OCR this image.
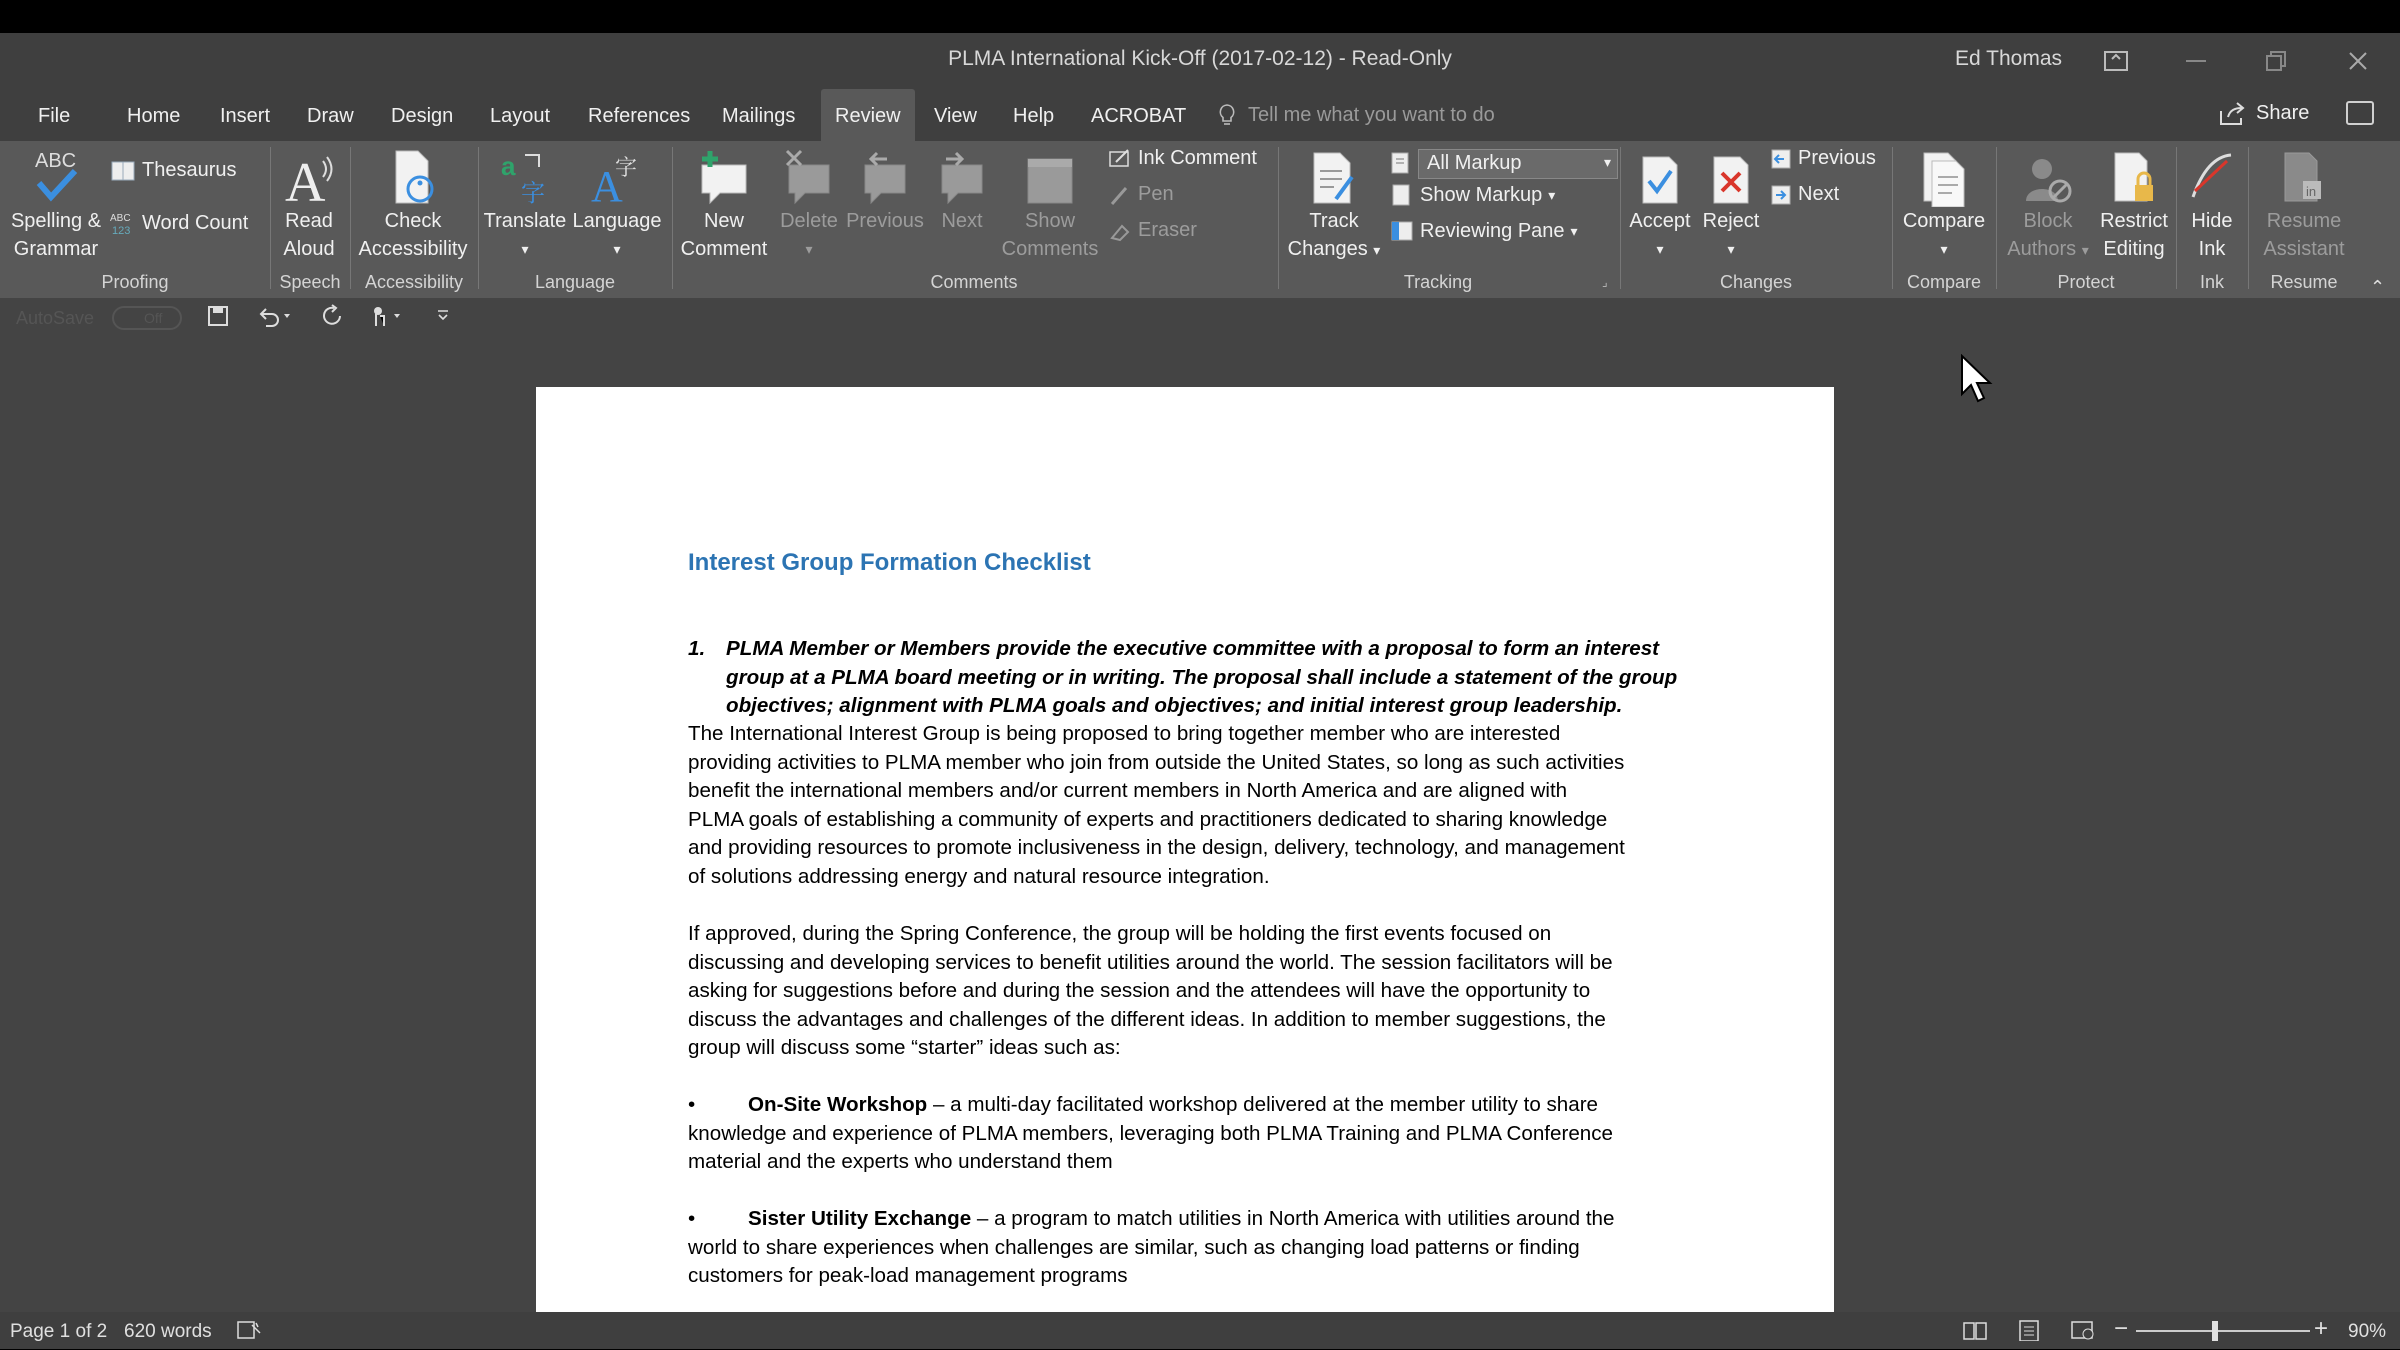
PLMA International Kick-Off (2017-02-12) - Read-Only	Ed Thomas
File	Home Insert Draw Design Layout References Mailings	Review	View Help ACROBAT	Tell me what you want to do	Share
ABC
Spelling &
Grammar
Thesaurus
ABC
123 Word Count
Proofing
A
Read
Aloud
Speech
Check
Accessibility
Accessibility
a
字
Translate
▾
A
字
Language
▾
Language
New
Comment
Delete
▾
Previous Next	Show
Comments
Ink Comment
Pen
Eraser
Comments
Track
Changes ▾
All Markup	▾
Show Markup ▾
Reviewing Pane ▾
Tracking	⌟
Accept
▾
Reject
▾
Previous
Next
Changes
Compare
▾
Compare
Block
Authors ▾
Restrict
Editing
Protect
Hide
Ink
Ink
in
Resume
Assistant
Resume	⌃
AutoSave	Off
Interest Group Formation Checklist
1. PLMA Member or Members provide the executive committee with a proposal to form an interest
group at a PLMA board meeting or in writing. The proposal shall include a statement of the group
objectives; alignment with PLMA goals and objectives; and initial interest group leadership.
The International Interest Group is being proposed to bring together member who are interested
providing activities to PLMA member who join from outside the United States, so long as such activities
benefit the international members and/or current members in North America and are aligned with
PLMA goals of establishing a community of experts and practitioners dedicated to sharing knowledge
and providing resources to promote inclusiveness in the design, delivery, technology, and management
of solutions addressing energy and natural resource integration.
If approved, during the Spring Conference, the group will be holding the first events focused on
discussing and developing services to benefit utilities around the world. The session facilitators will be
asking for suggestions before and during the session and the attendees will have the opportunity to
discuss the advantages and challenges of the different ideas. In addition to member suggestions, the
group will discuss some “starter” ideas such as:
•	On-Site Workshop – a multi-day facilitated workshop delivered at the member utility to share
knowledge and experience of PLMA members, leveraging both PLMA Training and PLMA Conference
material and the experts who understand them
•	Sister Utility Exchange – a program to match utilities in North America with utilities around the
world to share experiences when challenges are similar, such as changing load patterns or finding
customers for peak-load management programs
Page 1 of 2 620 words	−	+ 90%
